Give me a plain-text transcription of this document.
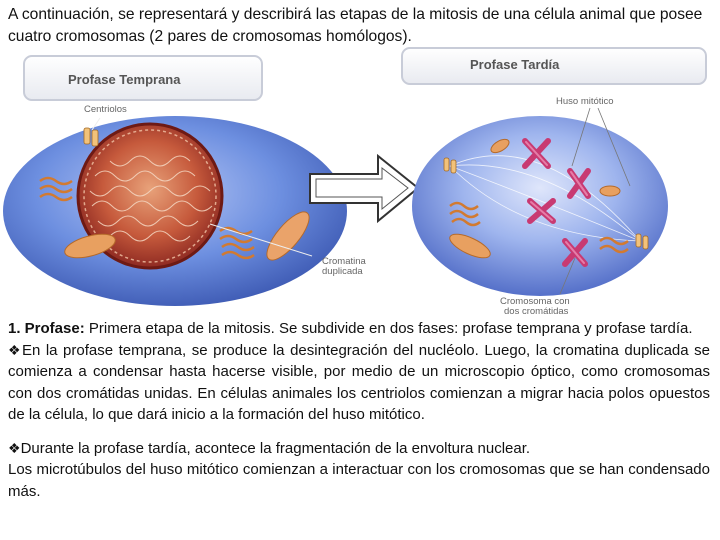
A continuación, se representará y describirá las etapas de la mitosis de una célula animal que posee cuatro cromosomas (2 pares de cromosomas homólogos).

Profase Temprana
Profase Tardía
Centriolos
Cromatina
duplicada
Huso mitótico
Cromosoma con
dos cromátidas

1. Profase: Primera etapa de la mitosis. Se subdivide en dos fases: profase temprana y profase tardía.

❖En la profase temprana, se produce la desintegración del nucléolo. Luego, la cromatina duplicada se comienza a condensar hasta hacerse visible, por medio de un microscopio óptico, como cromosomas con dos cromátidas unidas. En células animales los centriolos comienzan a migrar hacia polos opuestos de la célula, lo que dará inicio a la formación del huso mitótico.

❖Durante la profase tardía, acontece la fragmentación de la envoltura nuclear.

Los microtúbulos del huso mitótico comienzan a interactuar con los cromosomas que se han condensado más.
